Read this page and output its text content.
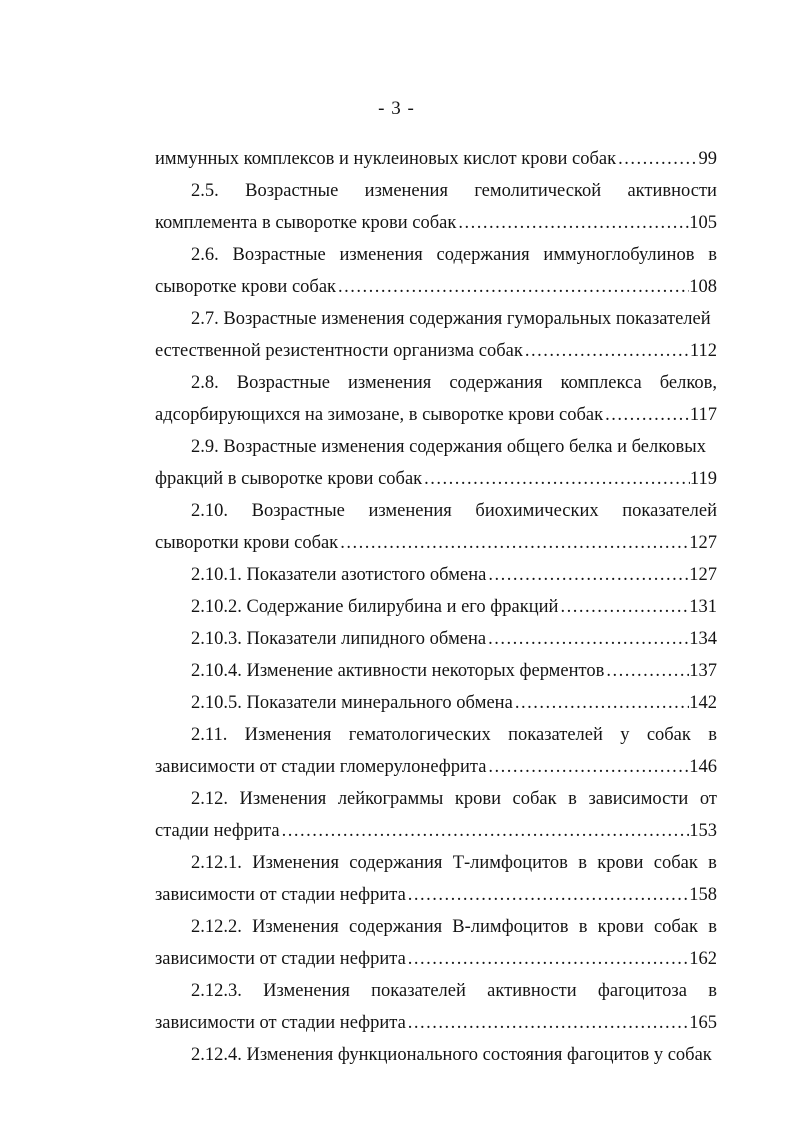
- 3 -
иммунных комплексов и нуклеиновых кислот крови собак .....	99
2.5. Возрастные изменения гемолитической активности
комплемента в сыворотке крови собак .....	105
2.6. Возрастные изменения содержания иммуноглобулинов в
сыворотке крови собак .....	108
2.7. Возрастные изменения содержания гуморальных показателей
естественной резистентности организма собак .....	112
2.8. Возрастные изменения содержания комплекса белков,
адсорбирующихся на зимозане, в сыворотке крови собак .....	117
2.9. Возрастные изменения содержания общего белка и белковых
фракций в сыворотке крови собак .....	119
2.10. Возрастные изменения биохимических показателей
сыворотки крови собак .....	127
2.10.1. Показатели азотистого обмена .....	127
2.10.2. Содержание билирубина и его фракций .....	131
2.10.3. Показатели липидного обмена .....	134
2.10.4. Изменение активности некоторых ферментов .....	137
2.10.5. Показатели минерального обмена .....	142
2.11. Изменения гематологических показателей у собак в
зависимости от стадии гломерулонефрита .....	146
2.12. Изменения лейкограммы крови собак в зависимости от
стадии нефрита .....	153
2.12.1. Изменения содержания Т-лимфоцитов в крови собак в
зависимости от стадии нефрита .....	158
2.12.2. Изменения содержания В-лимфоцитов в крови собак в
зависимости от стадии нефрита .....	162
2.12.3. Изменения показателей активности фагоцитоза в
зависимости от стадии нефрита .....	165
2.12.4. Изменения функционального состояния фагоцитов у собак
